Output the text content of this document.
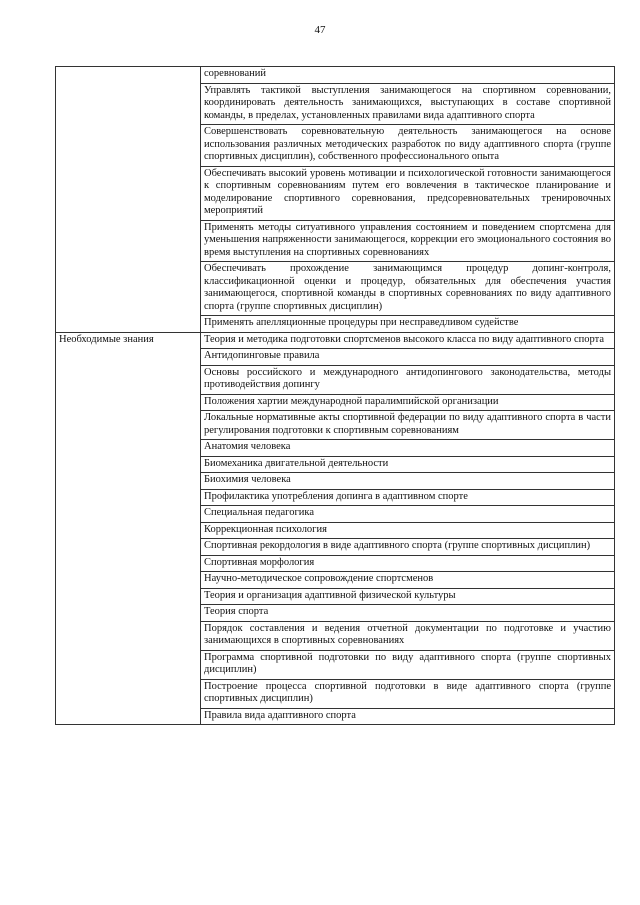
47
	соревнований
	Управлять тактикой выступления занимающегося на спортивном соревновании, координировать деятельность занимающихся, выступающих в составе спортивной команды, в пределах, установленных правилами вида адаптивного спорта
	Совершенствовать соревновательную деятельность занимающегося на основе использования различных методических разработок по виду адаптивного спорта (группе спортивных дисциплин), собственного профессионального опыта
	Обеспечивать высокий уровень мотивации и психологической готовности занимающегося к спортивным соревнованиям путем его вовлечения в тактическое планирование и моделирование спортивного соревнования, предсоревновательных тренировочных мероприятий
	Применять методы ситуативного управления состоянием и поведением спортсмена для уменьшения напряженности занимающегося, коррекции его эмоционального состояния во время выступления на спортивных соревнованиях
	Обеспечивать прохождение занимающимся процедур допинг-контроля, классификационной оценки и процедур, обязательных для обеспечения участия занимающегося, спортивной команды в спортивных соревнованиях по виду адаптивного спорта (группе спортивных дисциплин)
	Применять апелляционные процедуры при несправедливом судействе
Необходимые знания	Теория и методика подготовки спортсменов высокого класса по виду адаптивного спорта
	Антидопинговые правила
	Основы российского и международного антидопингового законодательства, методы противодействия допингу
	Положения хартии международной паралимпийской организации
	Локальные нормативные акты спортивной федерации по виду адаптивного спорта в части регулирования подготовки к спортивным соревнованиям
	Анатомия человека
	Биомеханика двигательной деятельности
	Биохимия человека
	Профилактика употребления допинга в адаптивном спорте
	Специальная педагогика
	Коррекционная психология
	Спортивная рекордология в виде адаптивного спорта (группе спортивных дисциплин)
	Спортивная морфология
	Научно-методическое сопровождение спортсменов
	Теория и организация адаптивной физической культуры
	Теория спорта
	Порядок составления и ведения отчетной документации по подготовке и участию занимающихся в спортивных соревнованиях
	Программа спортивной подготовки по виду адаптивного спорта (группе спортивных дисциплин)
	Построение процесса спортивной подготовки в виде адаптивного спорта (группе спортивных дисциплин)
	Правила вида адаптивного спорта
